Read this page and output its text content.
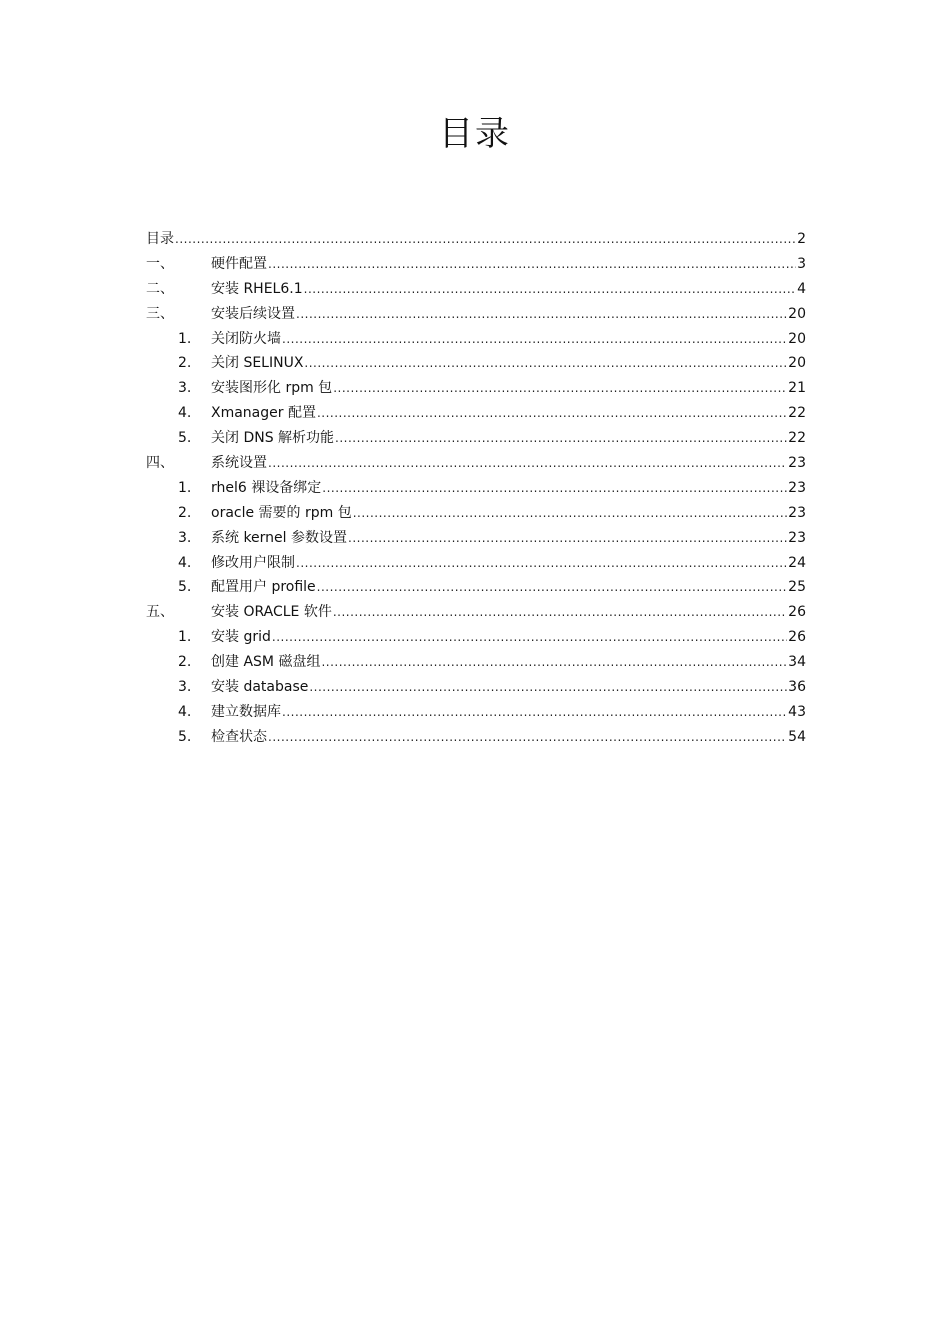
目录
目录 .....	2
一、	硬件配置 .....	3
二、	安装 RHEL6.1 .....	4
三、	安装后续设置 .....	20
1.	关闭防火墙 .....	20
2.	关闭 SELINUX .....	20
3.	安装图形化 rpm 包 .....	21
4.	Xmanager 配置 .....	22
5.	关闭 DNS 解析功能 .....	22
四、	系统设置 .....	23
1.	rhel6 裸设备绑定 .....	23
2.	oracle 需要的 rpm 包 .....	23
3.	系统 kernel 参数设置 .....	23
4.	修改用户限制 .....	24
5.	配置用户 profile .....	25
五、	安装 ORACLE 软件 .....	26
1.	安装 grid .....	26
2.	创建 ASM 磁盘组 .....	34
3.	安装 database .....	36
4.	建立数据库 .....	43
5.	检查状态 .....	54
